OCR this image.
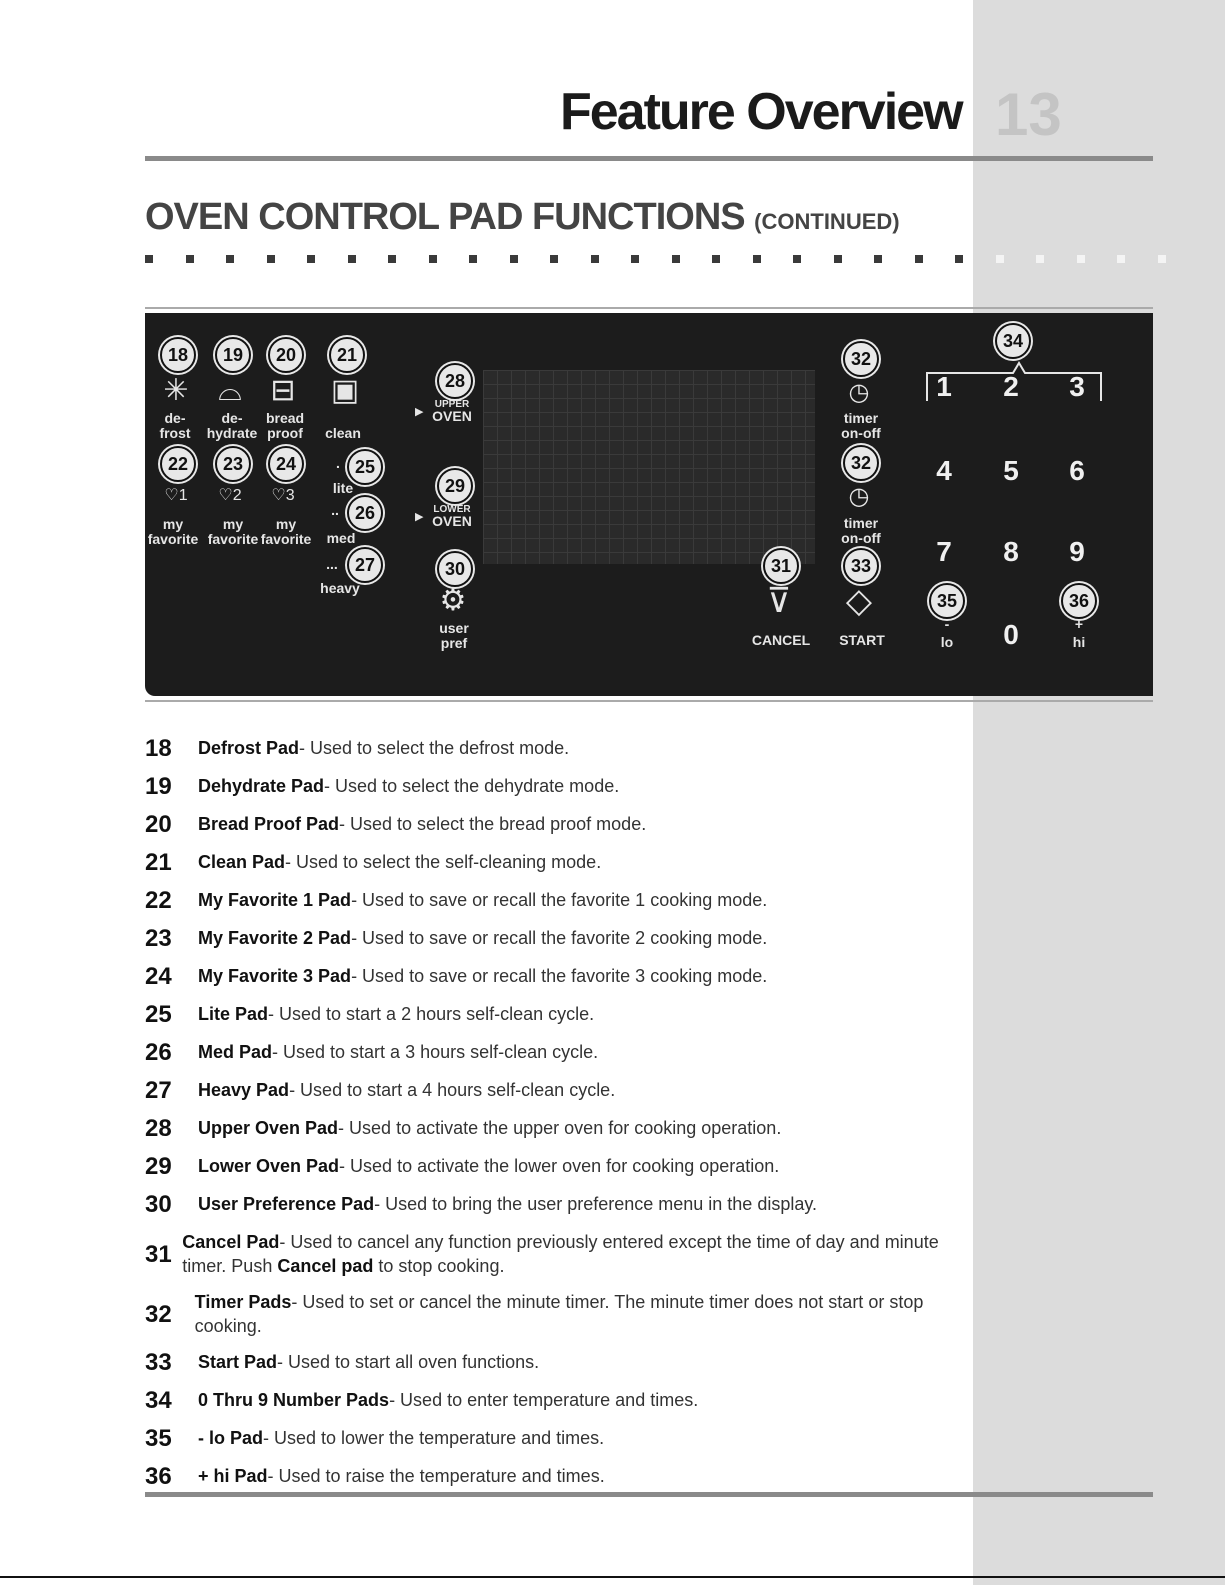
Feature Overview 13
OVEN CONTROL PAD FUNCTIONS (CONTINUED)
18	19	20	21
✳ ⌓ ⊟ ▣
de-
frost
de-
hydrate
bread
proof	clean
22	23	24
♡1	♡2	♡3
my
favorite
my
favorite
my
favorite
. 25
lite
.. 26
med
... 27
heavy
28
▶
UPPER
OVEN
29
▶
LOWER
OVEN
30
⚙
user
pref
31
⊽
CANCEL
32
◷
timer
on-off
32
◷
timer
on-off
33
◇
START
34
1	2	3
4	5	6
7	8	9
0
35
-
lo
36
+
hi
18	Defrost Pad- Used to select the defrost mode.
19	Dehydrate Pad- Used to select the dehydrate mode.
20	Bread Proof Pad- Used to select the bread proof mode.
21	Clean Pad- Used to select the self-cleaning mode.
22	My Favorite 1 Pad- Used to save or recall the favorite 1 cooking mode.
23	My Favorite 2 Pad- Used to save or recall the favorite 2 cooking mode.
24	My Favorite 3 Pad- Used to save or recall the favorite 3 cooking mode.
25	Lite Pad- Used to start a 2 hours self-clean cycle.
26	Med Pad- Used to start a 3 hours self-clean cycle.
27	Heavy Pad- Used to start a 4 hours self-clean cycle.
28	Upper Oven Pad- Used to activate the upper oven for cooking operation.
29	Lower Oven Pad- Used to activate the lower oven for cooking operation.
30	User Preference Pad- Used to bring the user preference menu in the display.
31 Cancel Pad- Used to cancel any function previously entered except the time of day and minute timer. Push Cancel pad to stop cooking.
32	Timer Pads- Used to set or cancel the minute timer. The minute timer does not start or stop cooking.
33	Start Pad- Used to start all oven functions.
34	0 Thru 9 Number Pads- Used to enter temperature and times.
35	- lo Pad- Used to lower the temperature and times.
36	+ hi Pad- Used to raise the temperature and times.
